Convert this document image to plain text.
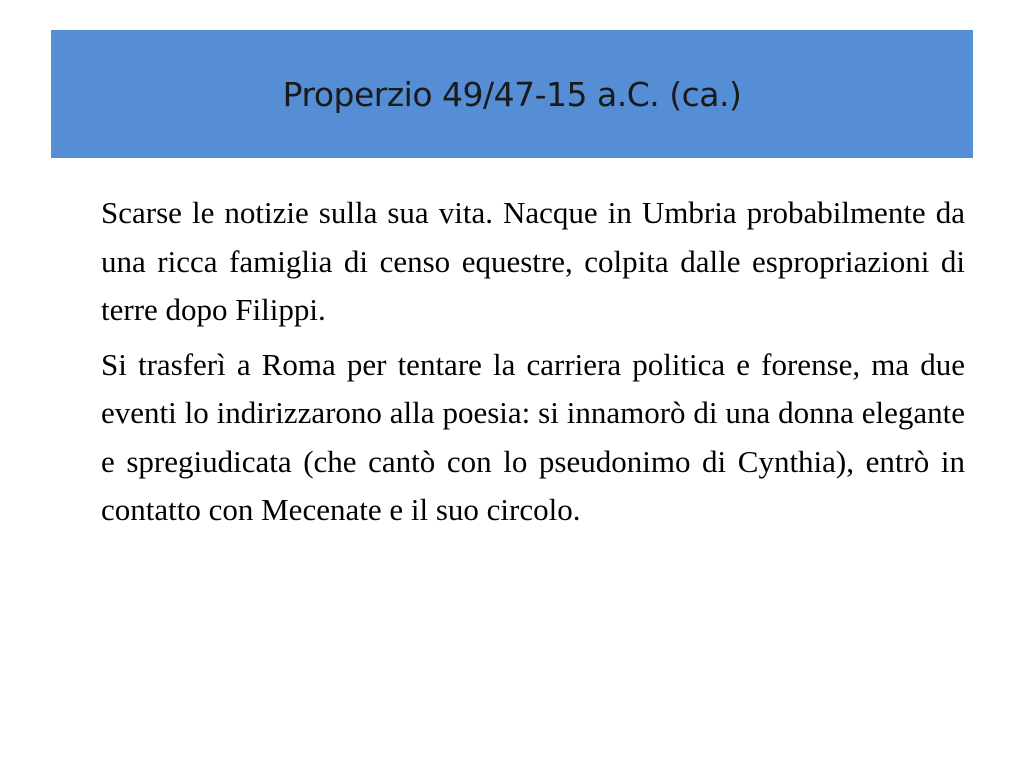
Properzio 49/47-15 a.C. (ca.)

Scarse le notizie sulla sua vita. Nacque in Umbria probabilmente da una ricca famiglia di censo equestre, colpita dalle espropriazioni di terre dopo Filippi.

Si trasferì a Roma per tentare la carriera politica e forense, ma due eventi lo indirizzarono alla poesia: si innamorò di una donna elegante e spregiudicata (che cantò con lo pseudonimo di Cynthia), entrò in contatto con Mecenate e il suo circolo.
